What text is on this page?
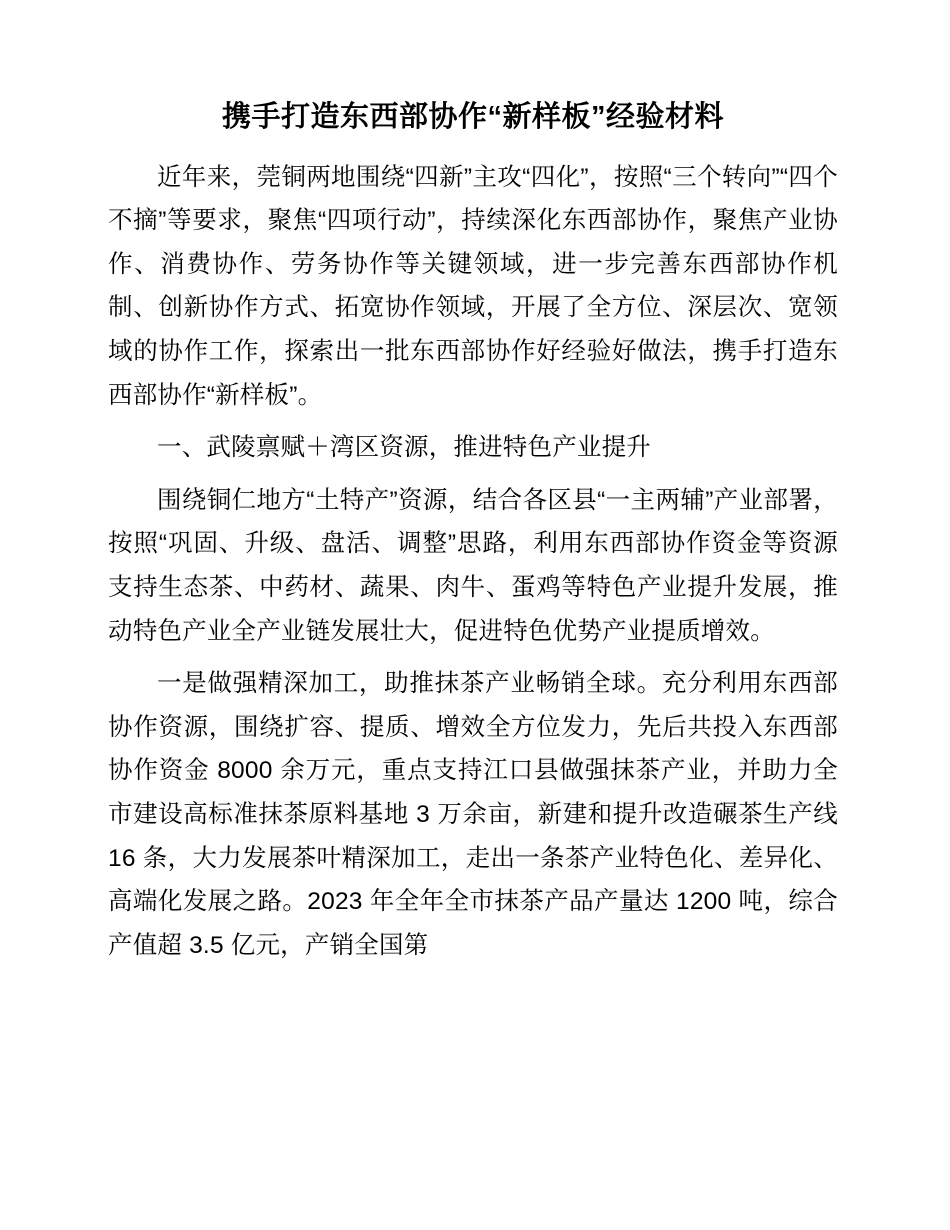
携手打造东西部协作“新样板”经验材料

近年来，莞铜两地围绕“四新”主攻“四化”，按照“三个转向”“四个不摘”等要求，聚焦“四项行动”，持续深化东西部协作，聚焦产业协作、消费协作、劳务协作等关键领域，进一步完善东西部协作机制、创新协作方式、拓宽协作领域，开展了全方位、深层次、宽领域的协作工作，探索出一批东西部协作好经验好做法，携手打造东西部协作“新样板”。

一、武陵禀赋＋湾区资源，推进特色产业提升

围绕铜仁地方“土特产”资源，结合各区县“一主两辅”产业部署，按照“巩固、升级、盘活、调整”思路，利用东西部协作资金等资源支持生态茶、中药材、蔬果、肉牛、蛋鸡等特色产业提升发展，推动特色产业全产业链发展壮大，促进特色优势产业提质增效。

一是做强精深加工，助推抹茶产业畅销全球。充分利用东西部协作资源，围绕扩容、提质、增效全方位发力，先后共投入东西部协作资金 8000 余万元，重点支持江口县做强抹茶产业，并助力全市建设高标准抹茶原料基地 3 万余亩，新建和提升改造碾茶生产线 16 条，大力发展茶叶精深加工，走出一条茶产业特色化、差异化、高端化发展之路。2023 年全年全市抹茶产品产量达 1200 吨，综合产值超 3.5 亿元，产销全国第
